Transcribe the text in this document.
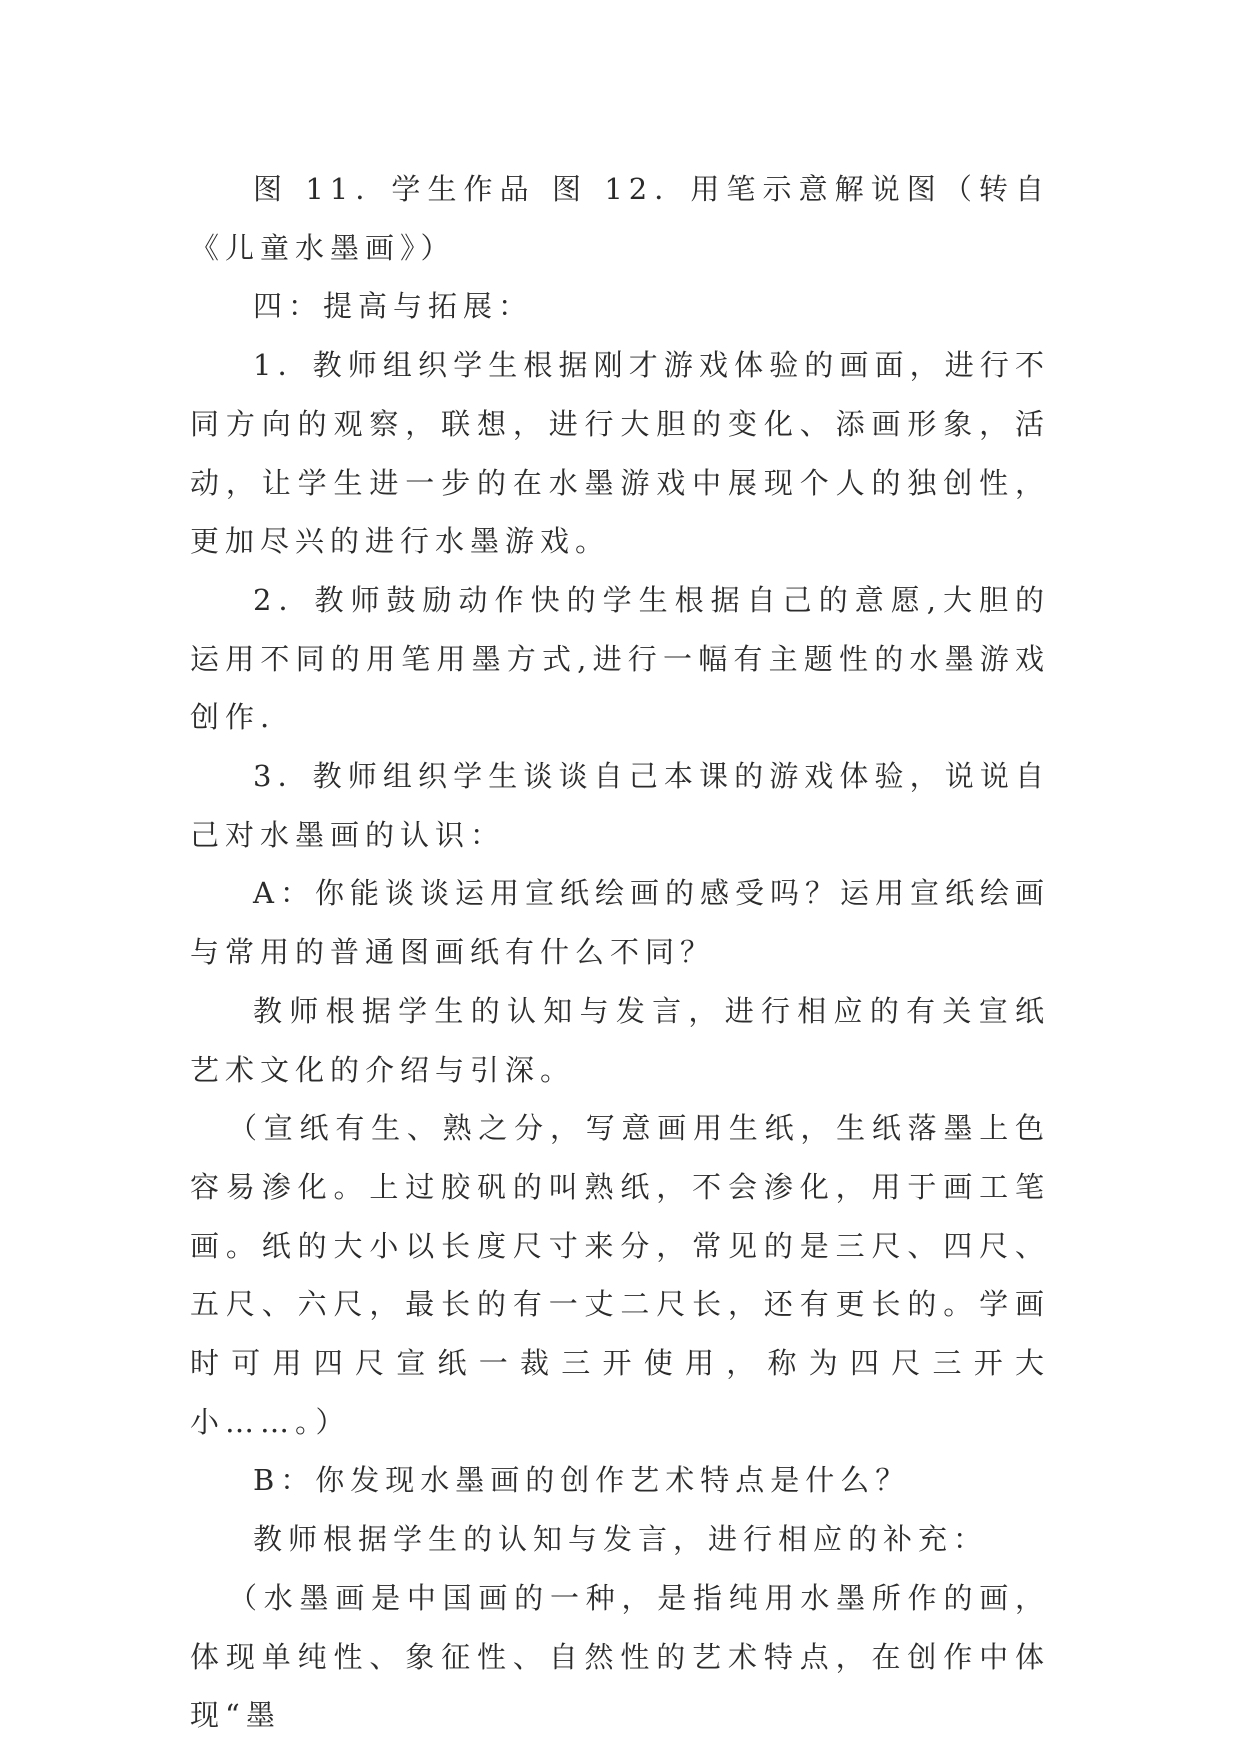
图 11．学生作品 图 12．用笔示意解说图（转自《儿童水墨画》）

四：提高与拓展：

1．教师组织学生根据刚才游戏体验的画面，进行不同方向的观察，联想，进行大胆的变化、添画形象，活动，让学生进一步的在水墨游戏中展现个人的独创性，更加尽兴的进行水墨游戏。

2．教师鼓励动作快的学生根据自己的意愿,大胆的运用不同的用笔用墨方式,进行一幅有主题性的水墨游戏创作.

3．教师组织学生谈谈自己本课的游戏体验，说说自己对水墨画的认识：

A：你能谈谈运用宣纸绘画的感受吗？运用宣纸绘画与常用的普通图画纸有什么不同？

教师根据学生的认知与发言，进行相应的有关宣纸艺术文化的介绍与引深。

（宣纸有生、熟之分，写意画用生纸，生纸落墨上色容易渗化。上过胶矾的叫熟纸，不会渗化，用于画工笔画。纸的大小以长度尺寸来分，常见的是三尺、四尺、五尺、六尺，最长的有一丈二尺长，还有更长的。学画时可用四尺宣纸一裁三开使用，称为四尺三开大小……。）

B：你发现水墨画的创作艺术特点是什么？

教师根据学生的认知与发言，进行相应的补充：

（水墨画是中国画的一种，是指纯用水墨所作的画，体现单纯性、象征性、自然性的艺术特点，在创作中体现“墨
